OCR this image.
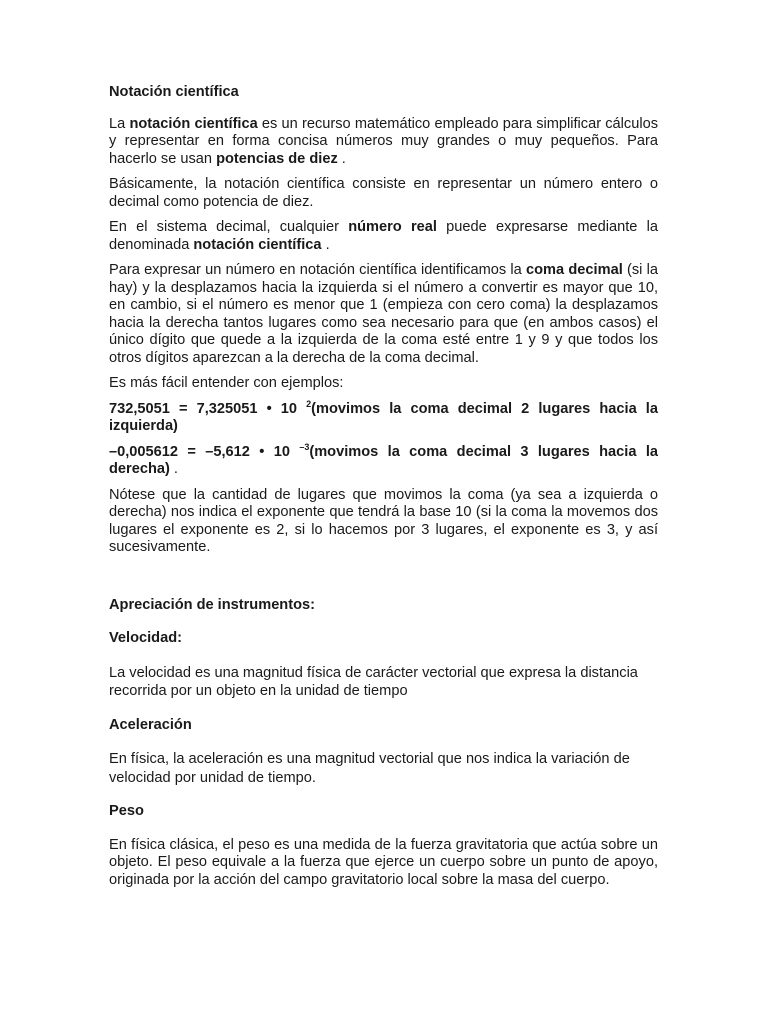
Notación científica

La notación científica es un recurso matemático empleado para simplificar cálculos y representar en forma concisa números muy grandes o muy pequeños. Para hacerlo se usan potencias de diez .

Básicamente, la notación científica consiste en representar un número entero o decimal como potencia de diez.

En el sistema decimal, cualquier número real puede expresarse mediante la denominada notación científica .

Para expresar un número en notación científica identificamos la coma decimal (si la hay) y la desplazamos hacia la izquierda si el número a convertir es mayor que 10, en cambio, si el número es menor que 1 (empieza con cero coma) la desplazamos hacia la derecha tantos lugares como sea necesario para que (en ambos casos) el único dígito que quede a la izquierda de la coma esté entre 1 y 9 y que todos los otros dígitos aparezcan a la derecha de la coma decimal.

Es más fácil entender con ejemplos:

732,5051 = 7,325051 • 10 $^2$(movimos la coma decimal 2 lugares hacia la izquierda)

–0,005612 = –5,612 • 10 $^{-3}$(movimos la coma decimal 3 lugares hacia la derecha) .

Nótese que la cantidad de lugares que movimos la coma (ya sea a izquierda o derecha) nos indica el exponente que tendrá la base 10 (si la coma la movemos dos lugares el exponente es 2, si lo hacemos por 3 lugares, el exponente es 3, y así sucesivamente.

Apreciación de instrumentos:
Velocidad:

La velocidad es una magnitud física de carácter vectorial que expresa la distancia recorrida por un objeto en la unidad de tiempo

Aceleración

En física, la aceleración es una magnitud vectorial que nos indica la variación de velocidad por unidad de tiempo.

Peso

En física clásica, el peso es una medida de la fuerza gravitatoria que actúa sobre un objeto. El peso equivale a la fuerza que ejerce un cuerpo sobre un punto de apoyo, originada por la acción del campo gravitatorio local sobre la masa del cuerpo.
